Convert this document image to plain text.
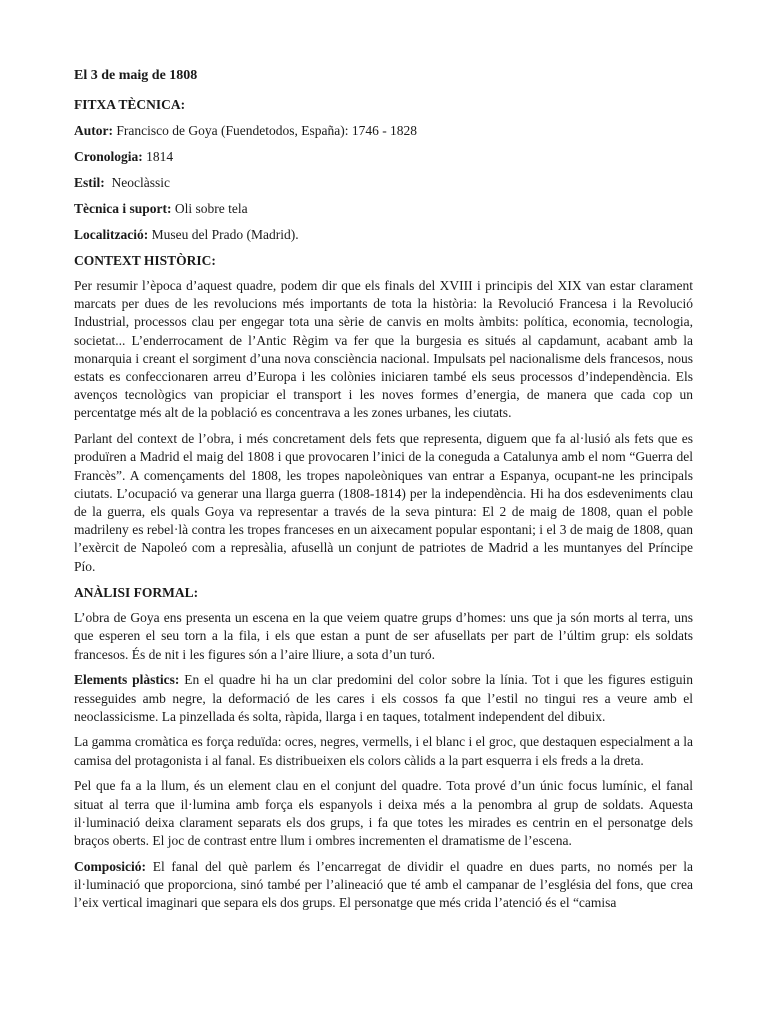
El 3 de maig de 1808
FITXA TÈCNICA:
Autor: Francisco de Goya (Fuendetodos, España): 1746 - 1828
Cronologia: 1814
Estil:  Neoclàssic
Tècnica i suport: Oli sobre tela
Localització: Museu del Prado (Madrid).
CONTEXT HISTÒRIC:

Per resumir l’època d’aquest quadre, podem dir que els finals del XVIII i principis del XIX van estar clarament marcats per dues de les revolucions més importants de tota la història: la Revolució Francesa i la Revolució Industrial, processos clau per engegar tota una sèrie de canvis en molts àmbits: política, economia, tecnologia, societat... L’enderrocament de l’Antic Règim va fer que la burgesia es situés al capdamunt, acabant amb la monarquia i creant el sorgiment d’una nova consciència nacional. Impulsats pel nacionalisme dels francesos, nous estats es confeccionaren arreu d’Europa i les colònies iniciaren també els seus processos d’independència. Els avenços tecnològics van propiciar el transport i les noves formes d’energia, de manera que cada cop un percentatge més alt de la població es concentrava a les zones urbanes, les ciutats.

Parlant del context de l’obra, i més concretament dels fets que representa, diguem que fa al·lusió als fets que es produïren a Madrid el maig del 1808 i que provocaren l’inici de la coneguda a Catalunya amb el nom “Guerra del Francès”. A començaments del 1808, les tropes napoleòniques van entrar a Espanya, ocupant-ne les principals ciutats. L’ocupació va generar una llarga guerra (1808-1814) per la independència. Hi ha dos esdeveniments clau de la guerra, els quals Goya va representar a través de la seva pintura: El 2 de maig de 1808, quan el poble madrileny es rebel·là contra les tropes franceses en un aixecament popular espontani; i el 3 de maig de 1808, quan l’exèrcit de Napoleó com a represàlia, afusellà un conjunt de patriotes de Madrid a les muntanyes del Príncipe Pío.

ANÀLISI FORMAL:

L’obra de Goya ens presenta un escena en la que veiem quatre grups d’homes: uns que ja són morts al terra, uns que esperen el seu torn a la fila, i els que estan a punt de ser afusellats per part de l’últim grup: els soldats francesos. És de nit i les figures són a l’aire lliure, a sota d’un turó.

Elements plàstics: En el quadre hi ha un clar predomini del color sobre la línia. Tot i que les figures estiguin resseguides amb negre, la deformació de les cares i els cossos fa que l’estil no tingui res a veure amb el neoclassicisme. La pinzellada és solta, ràpida, llarga i en taques, totalment independent del dibuix.

La gamma cromàtica es força reduïda: ocres, negres, vermells, i el blanc i el groc, que destaquen especialment a la camisa del protagonista i al fanal. Es distribueixen els colors càlids a la part esquerra i els freds a la dreta.

Pel que fa a la llum, és un element clau en el conjunt del quadre. Tota prové d’un únic focus lumínic, el fanal situat al terra que il·lumina amb força els espanyols i deixa més a la penombra al grup de soldats. Aquesta il·luminació deixa clarament separats els dos grups, i fa que totes les mirades es centrin en el personatge dels braços oberts. El joc de contrast entre llum i ombres incrementen el dramatisme de l’escena.

Composició: El fanal del què parlem és l’encarregat de dividir el quadre en dues parts, no només per la il·luminació que proporciona, sinó també per l’alineació que té amb el campanar de l’església del fons, que crea l’eix vertical imaginari que separa els dos grups. El personatge que més crida l’atenció és el “camisa
